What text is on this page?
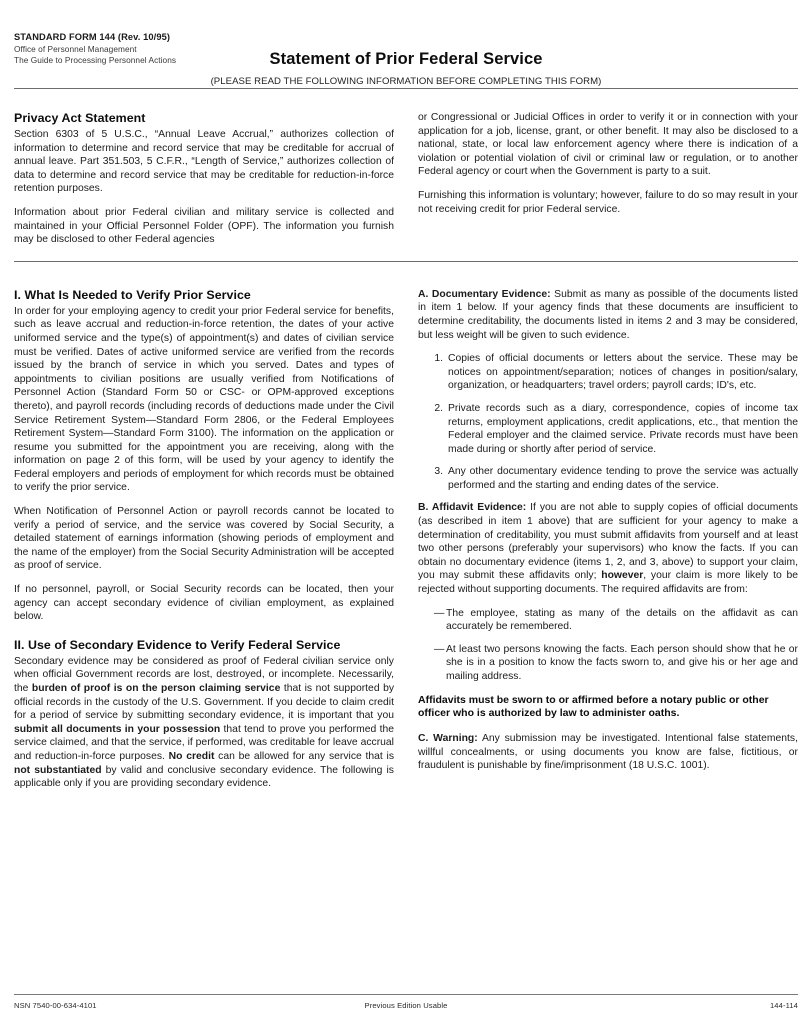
STANDARD FORM 144 (Rev. 10/95)
Office of Personnel Management
The Guide to Processing Personnel Actions	Statement of Prior Federal Service
(PLEASE READ THE FOLLOWING INFORMATION BEFORE COMPLETING THIS FORM)
Privacy Act Statement

Section 6303 of 5 U.S.C., “Annual Leave Accrual,” authorizes collection of information to determine and record service that may be creditable for accrual of annual leave. Part 351.503, 5 C.F.R., “Length of Service,” authorizes collection of data to determine and record service that may be creditable for reduction-in-force retention purposes.

Information about prior Federal civilian and military service is collected and maintained in your Official Personnel Folder (OPF). The information you furnish may be disclosed to other Federal agencies

or Congressional or Judicial Offices in order to verify it or in connection with your application for a job, license, grant, or other benefit. It may also be disclosed to a national, state, or local law enforcement agency where there is indication of a violation or potential violation of civil or criminal law or regulation, or to another Federal agency or court when the Government is party to a suit.

Furnishing this information is voluntary; however, failure to do so may result in your not receiving credit for prior Federal service.

I. What Is Needed to Verify Prior Service

In order for your employing agency to credit your prior Federal service for benefits, such as leave accrual and reduction-in-force retention, the dates of your active uniformed service and the type(s) of appointment(s) and dates of civilian service must be verified. Dates of active uniformed service are verified from the records issued by the branch of service in which you served. Dates and types of appointments to civilian positions are usually verified from Notifications of Personnel Action (Standard Form 50 or CSC- or OPM-approved exceptions thereto), and payroll records (including records of deductions made under the Civil Service Retirement System—Standard Form 2806, or the Federal Employees Retirement System—Standard Form 3100). The information on the application or resume you submitted for the appointment you are receiving, along with the information on page 2 of this form, will be used by your agency to identify the Federal employers and periods of employment for which records must be obtained to verify the prior service.

When Notification of Personnel Action or payroll records cannot be located to verify a period of service, and the service was covered by Social Security, a detailed statement of earnings information (showing periods of employment and the name of the employer) from the Social Security Administration will be accepted as proof of service.

If no personnel, payroll, or Social Security records can be located, then your agency can accept secondary evidence of civilian employment, as explained below.

II. Use of Secondary Evidence to Verify Federal Service

Secondary evidence may be considered as proof of Federal civilian service only when official Government records are lost, destroyed, or incomplete. Necessarily, the burden of proof is on the person claiming service that is not supported by official records in the custody of the U.S. Government. If you decide to claim credit for a period of service by submitting secondary evidence, it is important that you submit all documents in your possession that tend to prove you performed the service claimed, and that the service, if performed, was creditable for leave accrual and reduction-in-force purposes. No credit can be allowed for any service that is not substantiated by valid and conclusive secondary evidence. The following is applicable only if you are providing secondary evidence.

A. Documentary Evidence: Submit as many as possible of the documents listed in item 1 below. If your agency finds that these documents are insufficient to determine creditability, the documents listed in items 2 and 3 may be considered, but less weight will be given to such evidence.

Copies of official documents or letters about the service. These may be notices on appointment/separation; notices of changes in position/salary, organization, or headquarters; travel orders; payroll cards; ID's, etc.
Private records such as a diary, correspondence, copies of income tax returns, employment applications, credit applications, etc., that mention the Federal employer and the claimed service. Private records must have been made during or shortly after period of service.
Any other documentary evidence tending to prove the service was actually performed and the starting and ending dates of the service.

B. Affidavit Evidence: If you are not able to supply copies of official documents (as described in item 1 above) that are sufficient for your agency to make a determination of creditability, you must submit affidavits from yourself and at least two other persons (preferably your supervisors) who know the facts. If you can obtain no documentary evidence (items 1, 2, and 3, above) to support your claim, you may submit these affidavits only; however, your claim is more likely to be rejected without supporting documents. The required affidavits are from:

— The employee, stating as many of the details on the affidavit as can accurately be remembered.
— At least two persons knowing the facts. Each person should show that he or she is in a position to know the facts sworn to, and give his or her age and mailing address.

Affidavits must be sworn to or affirmed before a notary public or other officer who is authorized by law to administer oaths.

C. Warning: Any submission may be investigated. Intentional false statements, willful concealments, or using documents you know are false, fictitious, or fraudulent is punishable by fine/imprisonment (18 U.S.C. 1001).

NSN 7540-00-634-4101	Previous Edition Usable	144-114
